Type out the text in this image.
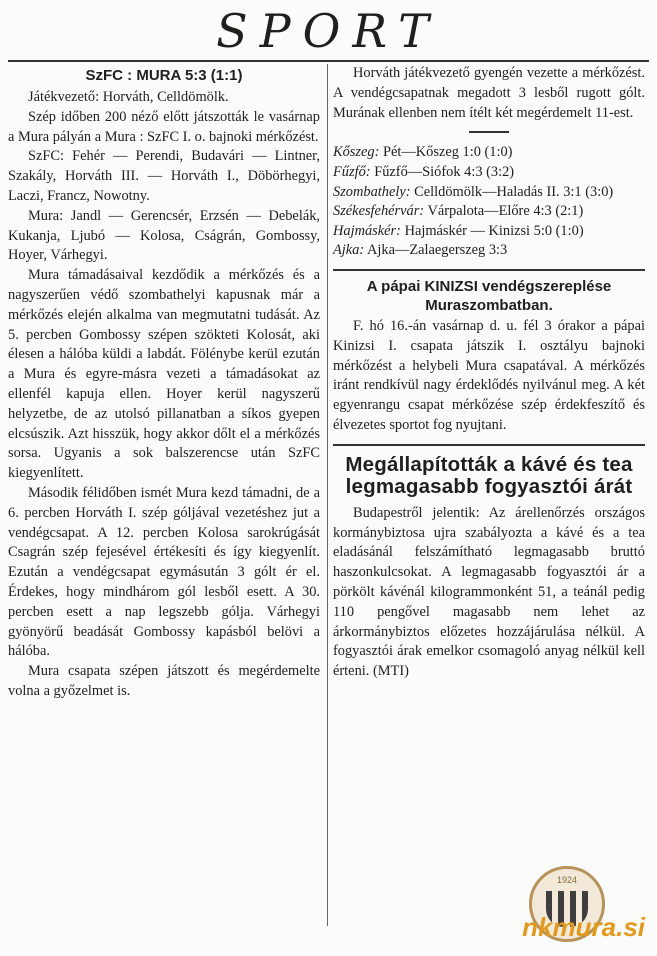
SPORT
SzFC : MURA 5:3 (1:1)

Játékvezető: Horváth, Celldömölk.

Szép időben 200 néző előtt játszották le vasárnap a Mura pályán a Mura : SzFC I. o. bajnoki mérkőzést.

SzFC: Fehér — Perendi, Budavári — Lintner, Szakály, Horváth III. — Horváth I., Döbörhegyi, Laczi, Francz, Nowotny.

Mura: Jandl — Gerencsér, Erzsén — Debelák, Kukanja, Ljubó — Kolosa, Cságrán, Gombossy, Hoyer, Várhegyi.

Mura támadásaival kezdődik a mérkőzés és a nagyszerűen védő szombathelyi kapusnak már a mérkőzés elején alkalma van megmutatni tudását. Az 5. percben Gombossy szépen szökteti Kolosát, aki élesen a hálóba küldi a labdát. Fölénybe kerül ezután a Mura és egyre-másra vezeti a támadásokat az ellenfél kapuja ellen. Hoyer kerül nagyszerű helyzetbe, de az utolsó pillanatban a síkos gyepen elcsúszik. Azt hisszük, hogy akkor dőlt el a mérkőzés sorsa. Ugyanis a sok balszerencse után SzFC kiegyenlített.

Második félidőben ismét Mura kezd támadni, de a 6. percben Horváth I. szép góljával vezetéshez jut a vendégcsapat. A 12. percben Kolosa sarokrúgását Csagrán szép fejesével értékesíti és így kiegyenlít. Ezután a vendégcsapat egymásután 3 gólt ér el. Érdekes, hogy mindhárom gól lesből esett. A 30. percben esett a nap legszebb gólja. Várhegyi gyönyörű beadását Gombossy kapásból belövi a hálóba.

Mura csapata szépen játszott és megérdemelte volna a győzelmet is.

Horváth játékvezető gyengén vezette a mérkőzést. A vendégcsapatnak megadott 3 lesből rugott gólt. Murának ellenben nem ítélt két megérdemelt 11-est.

Kőszeg: Pét—Kőszeg 1:0 (1:0)
Fűzfő: Fűzfő—Siófok 4:3 (3:2)
Szombathely: Celldömölk—Haladás II. 3:1 (3:0)
Székesfehérvár: Várpalota—Előre 4:3 (2:1)
Hajmáskér: Hajmáskér — Kinizsi 5:0 (1:0)
Ajka: Ajka—Zalaegerszeg 3:3
A pápai KINIZSI vendégszereplése Muraszombatban.

F. hó 16.-án vasárnap d. u. fél 3 órakor a pápai Kinizsi I. csapata játszik I. osztályu bajnoki mérkőzést a helybeli Mura csapatával. A mérkőzés iránt rendkívül nagy érdeklődés nyilvánul meg. A két egyenrangu csapat mérkőzése szép érdekfeszítő és élvezetes sportot fog nyujtani.

Megállapították a kávé és tea legmagasabb fogyasztói árát

Budapestről jelentik: Az árellenőrzés országos kormánybiztosa ujra szabályozta a kávé és a tea eladásánál felszámítható legmagasabb bruttó haszonkulcsokat. A legmagasabb fogyasztói ár a pörkölt kávénál kilogrammonként 51, a teánál pedig 110 pengővel magasabb nem lehet az árkormánybiztos előzetes hozzájárulása nélkül. A fogyasztói árak emelkor csomagoló anyag nélkül kell érteni. (MTI)

1924
nkmura.si
